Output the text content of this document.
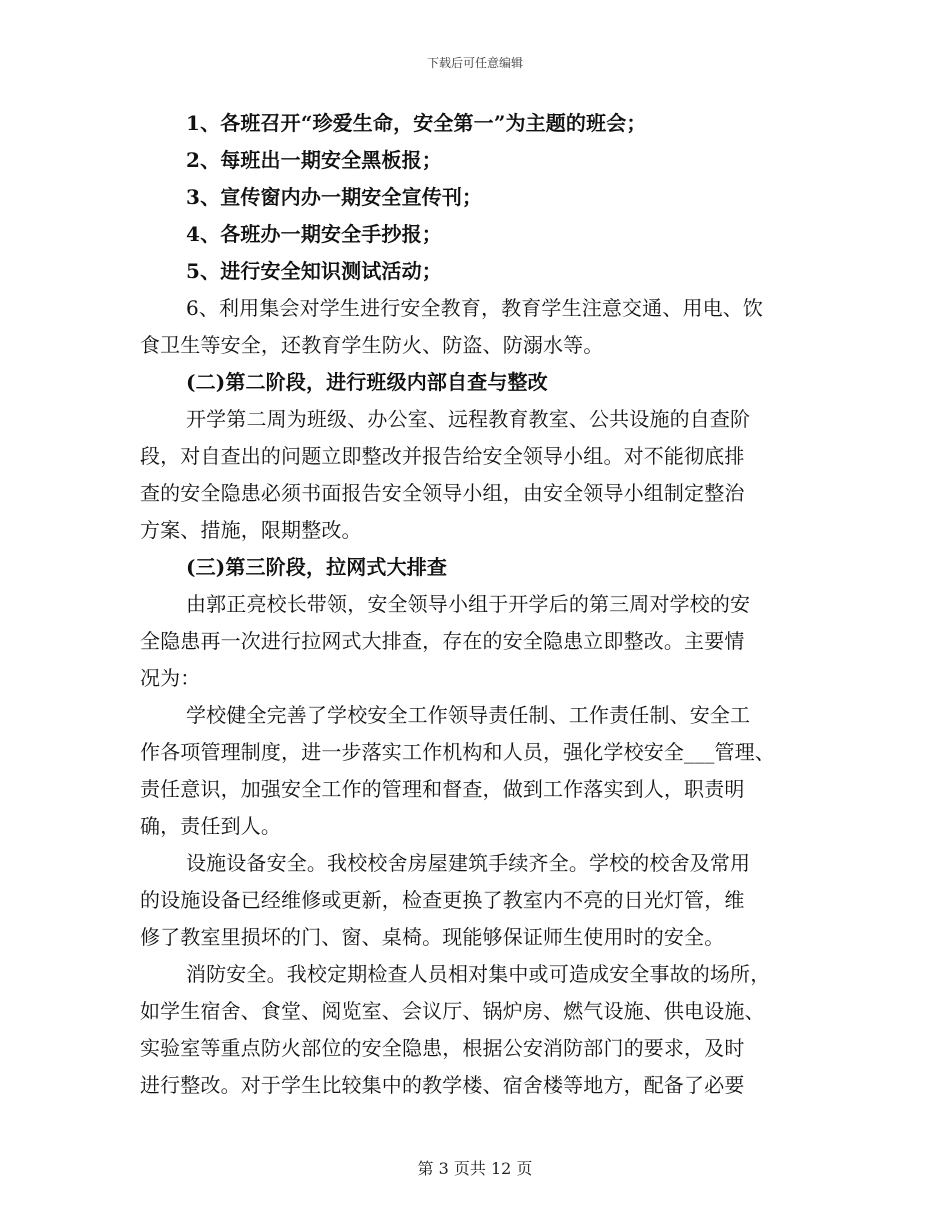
下载后可任意编辑
1、各班召开“珍爱生命，安全第一”为主题的班会；
2、每班出一期安全黑板报；
3、宣传窗内办一期安全宣传刊；
4、各班办一期安全手抄报；
5、进行安全知识测试活动；
6、利用集会对学生进行安全教育，教育学生注意交通、用电、饮
食卫生等安全，还教育学生防火、防盗、防溺水等。
(二)第二阶段，进行班级内部自查与整改
开学第二周为班级、办公室、远程教育教室、公共设施的自查阶
段，对自查出的问题立即整改并报告给安全领导小组。对不能彻底排
查的安全隐患必须书面报告安全领导小组，由安全领导小组制定整治
方案、措施，限期整改。
(三)第三阶段，拉网式大排查
由郭正亮校长带领，安全领导小组于开学后的第三周对学校的安
全隐患再一次进行拉网式大排查，存在的安全隐患立即整改。主要情
况为：
学校健全完善了学校安全工作领导责任制、工作责任制、安全工
作各项管理制度，进一步落实工作机构和人员，强化学校安全___管理、
责任意识，加强安全工作的管理和督查，做到工作落实到人，职责明
确，责任到人。
设施设备安全。我校校舍房屋建筑手续齐全。学校的校舍及常用
的设施设备已经维修或更新，检查更换了教室内不亮的日光灯管，维
修了教室里损坏的门、窗、桌椅。现能够保证师生使用时的安全。
消防安全。我校定期检查人员相对集中或可造成安全事故的场所，
如学生宿舍、食堂、阅览室、会议厅、锅炉房、燃气设施、供电设施、
实验室等重点防火部位的安全隐患，根据公安消防部门的要求，及时
进行整改。对于学生比较集中的教学楼、宿舍楼等地方，配备了必要
第 3 页共 12 页
